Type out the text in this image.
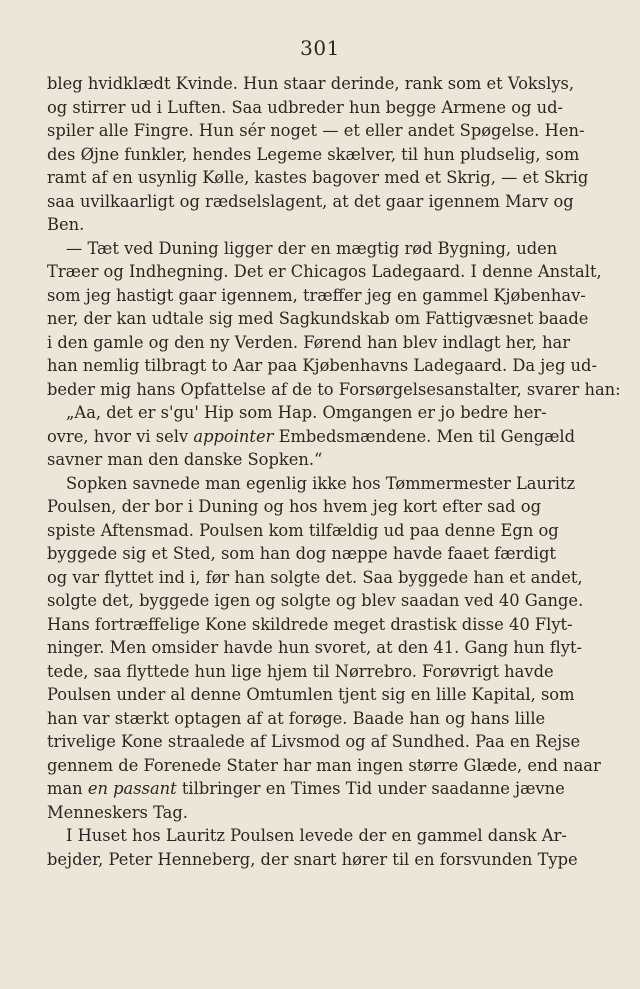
301
bleg hvidklædt Kvinde. Hun staar derinde, rank som et Vokslys,
og stirrer ud i Luften. Saa udbreder hun begge Armene og ud-
spiler alle Fingre. Hun sér noget — et eller andet Spøgelse. Hen-
des Øjne funkler, hendes Legeme skælver, til hun pludselig, som
ramt af en usynlig Kølle, kastes bagover med et Skrig, — et Skrig
saa uvilkaarligt og rædselslagent, at det gaar igennem Marv og
Ben.
— Tæt ved Duning ligger der en mægtig rød Bygning, uden
Træer og Indhegning. Det er Chicagos Ladegaard. I denne Anstalt,
som jeg hastigt gaar igennem, træffer jeg en gammel Kjøbenhav-
ner, der kan udtale sig med Sagkundskab om Fattigvæsnet baade
i den gamle og den ny Verden. Førend han blev indlagt her, har
han nemlig tilbragt to Aar paa Kjøbenhavns Ladegaard. Da jeg ud-
beder mig hans Opfattelse af de to Forsørgelsesanstalter, svarer han:
„Aa, det er s'gu' Hip som Hap. Omgangen er jo bedre her-
ovre, hvor vi selv appointer Embedsmændene. Men til Gengæld
savner man den danske Sopken.“
Sopken savnede man egenlig ikke hos Tømmermester Lauritz
Poulsen, der bor i Duning og hos hvem jeg kort efter sad og
spiste Aftensmad. Poulsen kom tilfældig ud paa denne Egn og
byggede sig et Sted, som han dog næppe havde faaet færdigt
og var flyttet ind i, før han solgte det. Saa byggede han et andet,
solgte det, byggede igen og solgte og blev saadan ved 40 Gange.
Hans fortræffelige Kone skildrede meget drastisk disse 40 Flyt-
ninger. Men omsider havde hun svoret, at den 41. Gang hun flyt-
tede, saa flyttede hun lige hjem til Nørrebro. Forøvrigt havde
Poulsen under al denne Omtumlen tjent sig en lille Kapital, som
han var stærkt optagen af at forøge. Baade han og hans lille
trivelige Kone straalede af Livsmod og af Sundhed. Paa en Rejse
gennem de Forenede Stater har man ingen større Glæde, end naar
man en passant tilbringer en Times Tid under saadanne jævne
Menneskers Tag.
I Huset hos Lauritz Poulsen levede der en gammel dansk Ar-
bejder, Peter Henneberg, der snart hører til en forsvunden Type
